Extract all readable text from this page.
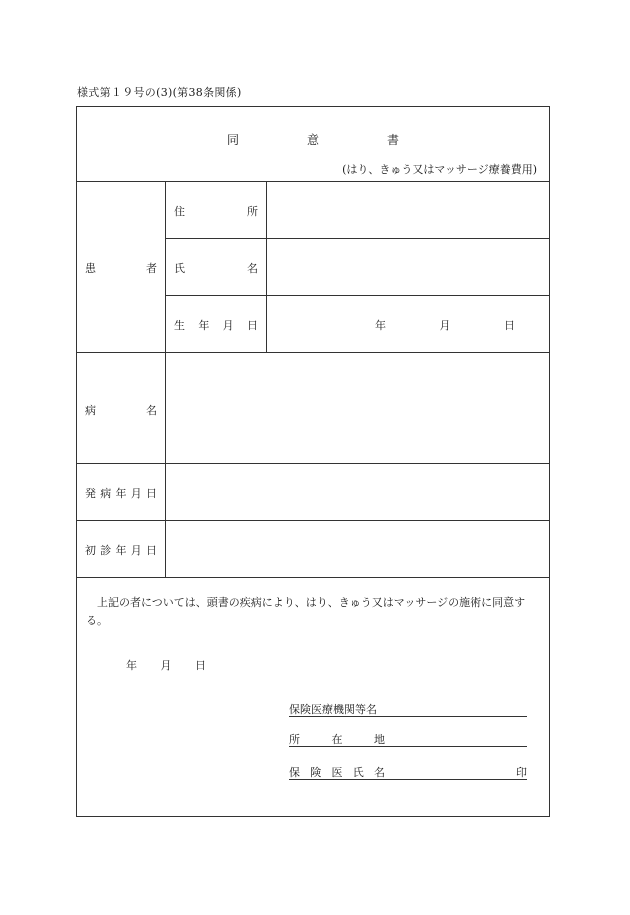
様式第１９号の(3)(第38条関係)
同	意	書
(はり、きゅう又はマッサージ療養費用)
患	者
住	所
氏	名
生 年 月 日	年	月	日
病	名
発 病 年 月 日
初 診 年 月 日
上記の者については、頭書の疾病により、はり、きゅう又はマッサージの施術に同意する。
年 月 日
保険医療機関等名
所	在	地
保 険 医 氏 名	印
